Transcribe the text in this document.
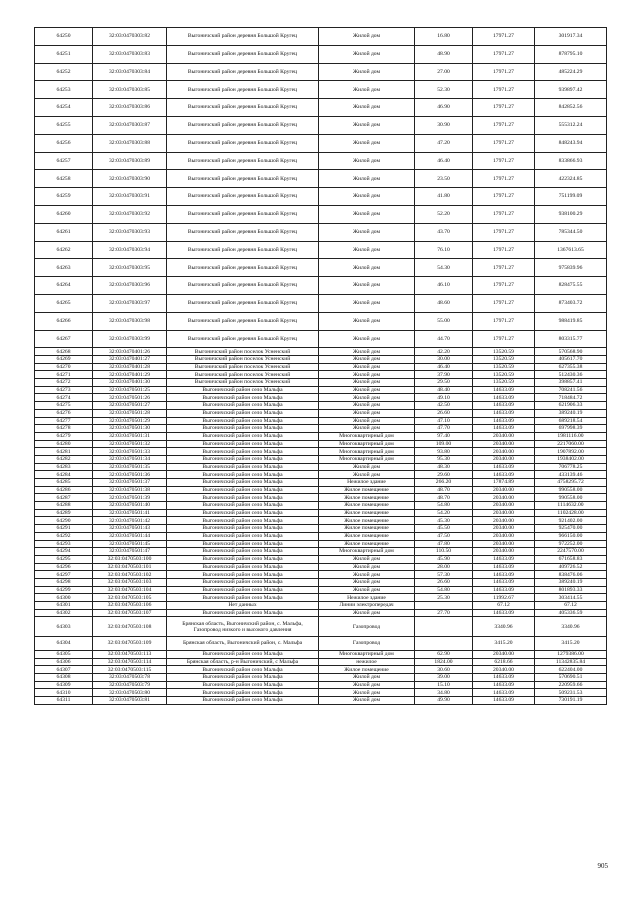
64250	32:03:0470303:82	Выгоничский район деревня Большой Кругец	Жилой дом	16.80	17971.27	301917.34
64251	32:03:0470303:83	Выгоничский район деревня Большой Кругец	Жилой дом	48.90	17971.27	878795.10
64252	32:03:0470303:84	Выгоничский район деревня Большой Кругец	Жилой дом	27.00	17971.27	485224.29
64253	32:03:0470303:85	Выгоничский район деревня Большой Кругец	Жилой дом	52.30	17971.27	939897.42
64254	32:03:0470303:86	Выгоничский район деревня Большой Кругец	Жилой дом	46.90	17971.27	842852.56
64255	32:03:0470303:87	Выгоничский район деревня Большой Кругец	Жилой дом	30.90	17971.27	555312.24
64256	32:03:0470303:88	Выгоничский район деревня Большой Кругец	Жилой дом	47.20	17971.27	848243.94
64257	32:03:0470303:89	Выгоничский район деревня Большой Кругец	Жилой дом	46.40	17971.27	833866.93
64258	32:03:0470303:90	Выгоничский район деревня Большой Кругец	Жилой дом	23.50	17971.27	422324.85
64259	32:03:0470303:91	Выгоничский район деревня Большой Кругец	Жилой дом	41.80	17971.27	751199.09
64260	32:03:0470303:92	Выгоничский район деревня Большой Кругец	Жилой дом	52.20	17971.27	938100.29
64261	32:03:0470303:93	Выгоничский район деревня Большой Кругец	Жилой дом	43.70	17971.27	785344.50
64262	32:03:0470303:94	Выгоничский район деревня Большой Кругец	Жилой дом	76.10	17971.27	1367613.65
64263	32:03:0470303:95	Выгоничский район деревня Большой Кругец	Жилой дом	54.30	17971.27	975839.96
64264	32:03:0470303:96	Выгоничский район деревня Большой Кругец	Жилой дом	46.10	17971.27	828475.55
64265	32:03:0470303:97	Выгоничский район деревня Большой Кругец	Жилой дом	48.60	17971.27	873403.72
64266	32:03:0470303:98	Выгоничский район деревня Большой Кругец	Жилой дом	55.00	17971.27	988419.85
64267	32:03:0470303:99	Выгоничский район деревня Большой Кругец	Жилой дом	44.70	17971.27	803315.77
64268	32:03:0470401:26	Выгоничский район поселок Усненский	Жилой дом	42.20	13520.59	570568.90
64269	32:03:0470401:27	Выгоничский район поселок Усненский	Жилой дом	30.00	13520.59	405617.70
64270	32:03:0470401:28	Выгоничский район поселок Усненский	Жилой дом	46.40	13520.59	627355.38
64271	32:03:0470401:29	Выгоничский район поселок Усненский	Жилой дом	37.90	13520.59	512430.36
64272	32:03:0470401:30	Выгоничский район поселок Усненский	Жилой дом	29.50	13520.59	398857.41
64273	32:03:0470501:25	Выгоничский район село Мальфа	Жилой дом	48.40	14633.09	708241.56
64274	32:03:0470501:26	Выгоничский район село Мальфа	Жилой дом	49.10	14633.09	718484.72
64275	32:03:0470501:27	Выгоничский район село Мальфа	Жилой дом	42.50	14633.09	621906.33
64276	32:03:0470501:28	Выгоничский район село Мальфа	Жилой дом	26.60	14633.09	389240.19
64277	32:03:0470501:29	Выгоничский район село Мальфа	Жилой дом	47.10	14633.09	689218.54
64278	32:03:0470501:30	Выгоничский район село Мальфа	Жилой дом	47.70	14633.09	697998.39
64279	32:03:0470501:31	Выгоничский район село Мальфа	Многоквартирный дом	97.40	20340.00	1981116.00
64280	32:03:0470501:32	Выгоничский район село Мальфа	Многоквартирный дом	109.00	20340.00	2217060.00
64281	32:03:0470501:33	Выгоничский район село Мальфа	Многоквартирный дом	93.80	20340.00	1907892.00
64282	32:03:0470501:34	Выгоничский район село Мальфа	Многоквартирный дом	95.30	20340.00	1938402.00
64283	32:03:0470501:35	Выгоничский район село Мальфа	Жилой дом	48.30	14633.09	706778.25
64284	32:03:0470501:36	Выгоничский район село Мальфа	Жилой дом	29.60	14633.09	433139.46
64285	32:03:0470501:37	Выгоничский район село Мальфа	Нежилое здание	266.20	17874.89	4758295.72
64286	32:03:0470501:38	Выгоничский район село Мальфа	Жилое помещение	48.70	20340.00	990558.00
64287	32:03:0470501:39	Выгоничский район село Мальфа	Жилое помещение	48.70	20340.00	990558.00
64288	32:03:0470501:40	Выгоничский район село Мальфа	Жилое помещение	54.80	20340.00	1114632.00
64289	32:03:0470501:41	Выгоничский район село Мальфа	Жилое помещение	54.20	20340.00	1102428.00
64290	32:03:0470501:42	Выгоничский район село Мальфа	Жилое помещение	45.30	20340.00	921402.00
64291	32:03:0470501:43	Выгоничский район село Мальфа	Жилое помещение	45.50	20340.00	925470.00
64292	32:03:0470501:44	Выгоничский район село Мальфа	Жилое помещение	47.50	20340.00	966150.00
64293	32:03:0470501:45	Выгоничский район село Мальфа	Жилое помещение	47.80	20340.00	972252.00
64294	32:03:0470501:47	Выгоничский район село Мальфа	Многоквартирный дом	110.50	20340.00	2247570.00
64295	32:03:0470503:100	Выгоничский район село Мальфа	Жилой дом	45.90	14633.09	671658.83
64296	32:03:0470503:101	Выгоничский район село Мальфа	Жилой дом	28.00	14633.09	409726.52
64297	32:03:0470503:102	Выгоничский район село Мальфа	Жилой дом	57.30	14633.09	838476.06
64298	32:03:0470503:103	Выгоничский район село Мальфа	Жилой дом	26.60	14633.09	389240.19
64299	32:03:0470503:104	Выгоничский район село Мальфа	Жилой дом	54.80	14633.09	801893.33
64300	32:03:0470503:105	Выгоничский район село Мальфа	Нежилое здание	25.30	11992.67	303414.55
64301	32:03:0470503:106	Нет данных	Линии электропередач		67.12	67.12
64302	32:03:0470503:107	Выгоничский район село Мальфа	Жилой дом	27.70	14633.09	405336.59
64303	32:03:0470503:108	Брянская область, Выгоничский район, с. Мальфа, Газопровод низкого и высокого давления	Газопровод		3340.96	3340.96
64304	32:03:0470503:109	Брянская область, Выгоничский район, с. Мальфа	Газопровод		3415.20	3415.20
64305	32:03:0470503:113	Выгоничский район село Мальфа	Многоквартирный дом	62.90	20340.00	1279386.00
64306	32:03:0470503:114	Брянская область, р-н Выгоничский, с Мальфа	нежилое	1824.00	6218.66	11342835.84
64307	32:03:0470503:115	Выгоничский район село Мальфа	Жилое помещение	30.60	20340.00	622404.00
64308	32:03:0470503:78	Выгоничский район село Мальфа	Жилой дом	39.00	14633.09	570690.51
64309	32:03:0470503:79	Выгоничский район село Мальфа	Жилой дом	15.10	14633.09	220959.66
64310	32:03:0470503:80	Выгоничский район село Мальфа	Жилой дом	34.80	14633.09	509231.53
64311	32:03:0470503:81	Выгоничский район село Мальфа	Жилой дом	49.90	14633.09	730191.19
905
